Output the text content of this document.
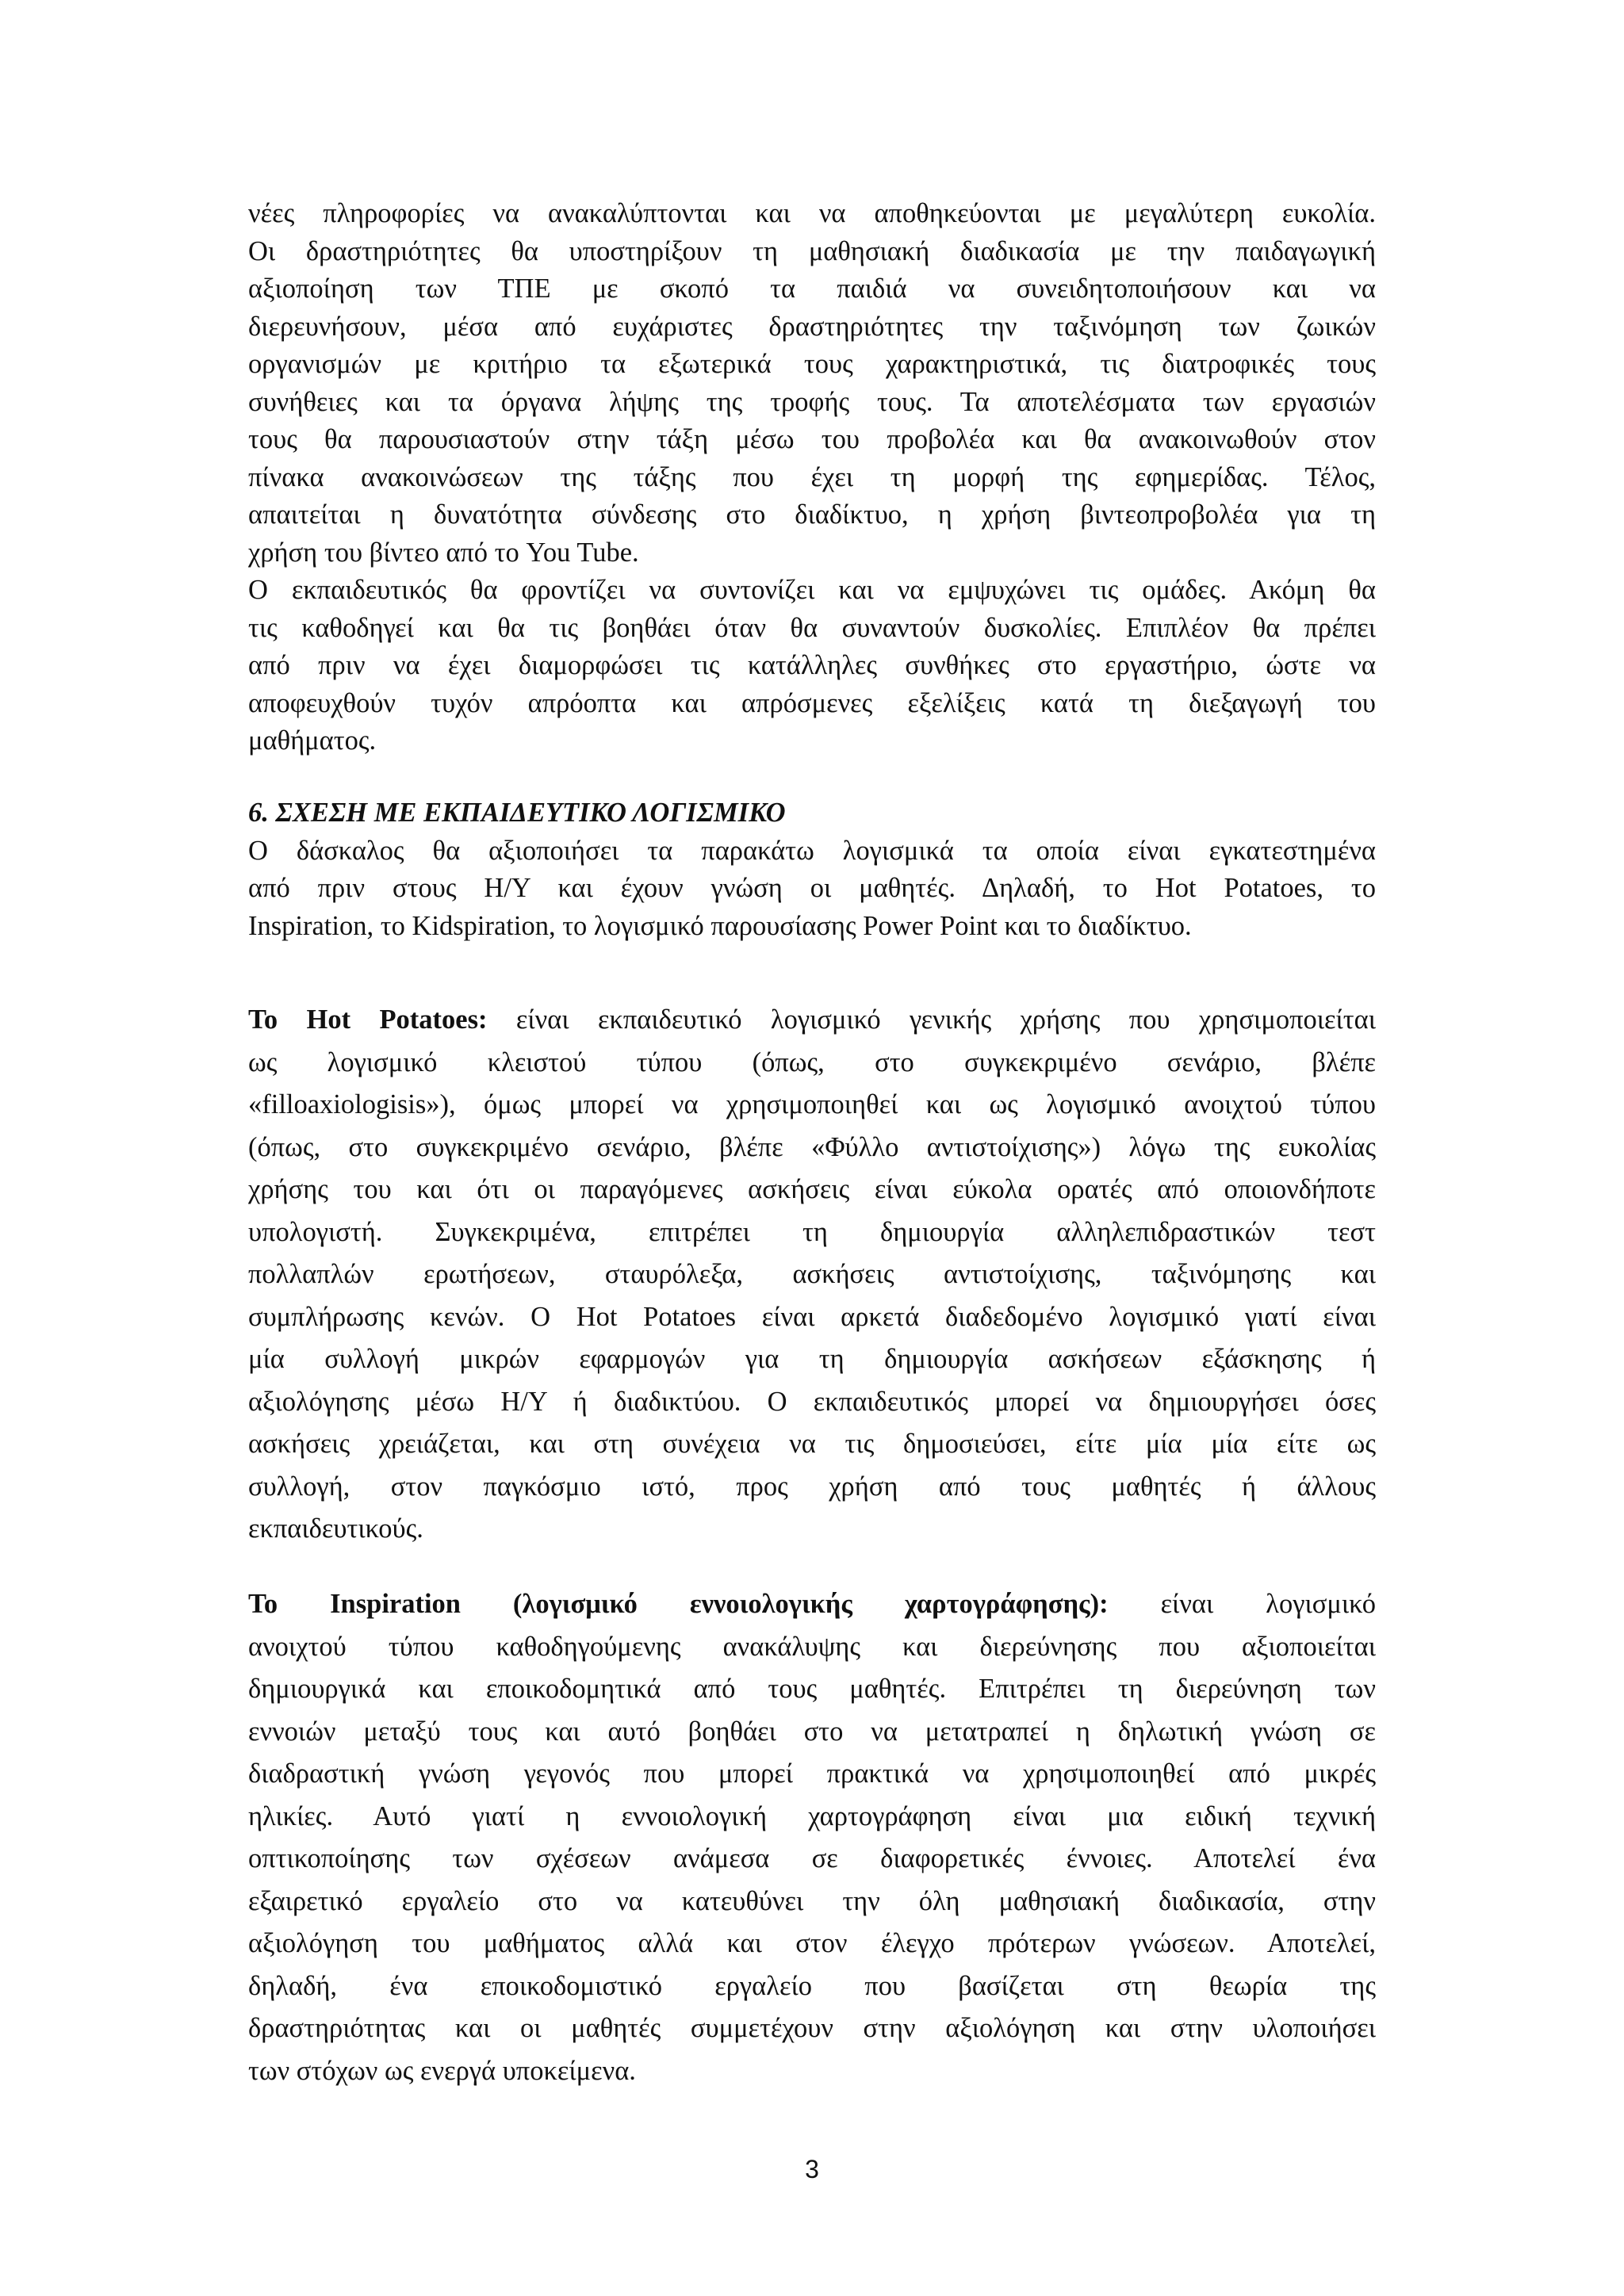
νέες πληροφορίες να ανακαλύπτονται και να αποθηκεύονται με μεγαλύτερη ευκολία.
Οι δραστηριότητες θα υποστηρίξουν τη μαθησιακή διαδικασία με την παιδαγωγική
αξιοποίηση των ΤΠΕ με σκοπό τα παιδιά να συνειδητοποιήσουν και να
διερευνήσουν, μέσα από ευχάριστες δραστηριότητες την ταξινόμηση των ζωικών
οργανισμών με κριτήριο τα εξωτερικά τους χαρακτηριστικά, τις διατροφικές τους
συνήθειες και τα όργανα λήψης της τροφής τους. Τα αποτελέσματα των εργασιών
τους θα παρουσιαστούν στην τάξη μέσω του προβολέα και θα ανακοινωθούν στον
πίνακα ανακοινώσεων της τάξης που έχει τη μορφή της εφημερίδας. Τέλος,
απαιτείται η δυνατότητα σύνδεσης στο διαδίκτυο, η χρήση βιντεοπροβολέα για τη
χρήση του βίντεο από το You Tube.
Ο εκπαιδευτικός θα φροντίζει να συντονίζει και να εμψυχώνει τις ομάδες. Ακόμη θα
τις καθοδηγεί και θα τις βοηθάει όταν θα συναντούν δυσκολίες. Επιπλέον θα πρέπει
από πριν να έχει διαμορφώσει τις κατάλληλες συνθήκες στο εργαστήριο, ώστε να
αποφευχθούν τυχόν απρόοπτα και απρόσμενες εξελίξεις κατά τη διεξαγωγή του
μαθήματος.
6. ΣΧΕΣΗ ΜΕ ΕΚΠΑΙΔΕΥΤΙΚΟ ΛΟΓΙΣΜΙΚΟ
Ο δάσκαλος θα αξιοποιήσει τα παρακάτω λογισμικά τα οποία είναι εγκατεστημένα
από πριν στους Η/Υ και έχουν γνώση οι μαθητές. Δηλαδή, το Hot Potatoes, το
Inspiration, το Kidspiration, το λογισμικό παρουσίασης Power Point και το διαδίκτυο.
Το Hot Potatoes: είναι εκπαιδευτικό λογισμικό γενικής χρήσης που χρησιμοποιείται
ως λογισμικό κλειστού τύπου (όπως, στο συγκεκριμένο σενάριο, βλέπε
«filloaxiologisis»), όμως μπορεί να χρησιμοποιηθεί και ως λογισμικό ανοιχτού τύπου
(όπως, στο συγκεκριμένο σενάριο, βλέπε «Φύλλο αντιστοίχισης») λόγω της ευκολίας
χρήσης του και ότι οι παραγόμενες ασκήσεις είναι εύκολα ορατές από οποιονδήποτε
υπολογιστή. Συγκεκριμένα, επιτρέπει τη δημιουργία αλληλεπιδραστικών τεστ
πολλαπλών ερωτήσεων, σταυρόλεξα, ασκήσεις αντιστοίχισης, ταξινόμησης και
συμπλήρωσης κενών. Ο Hot Potatoes είναι αρκετά διαδεδομένο λογισμικό γιατί είναι
μία συλλογή μικρών εφαρμογών για τη δημιουργία ασκήσεων εξάσκησης ή
αξιολόγησης μέσω Η/Υ ή διαδικτύου. Ο εκπαιδευτικός μπορεί να δημιουργήσει όσες
ασκήσεις χρειάζεται, και στη συνέχεια να τις δημοσιεύσει, είτε μία μία είτε ως
συλλογή, στον παγκόσμιο ιστό, προς χρήση από τους μαθητές ή άλλους
εκπαιδευτικούς.
Το Inspiration (λογισμικό εννοιολογικής χαρτογράφησης): είναι λογισμικό
ανοιχτού τύπου καθοδηγούμενης ανακάλυψης και διερεύνησης που αξιοποιείται
δημιουργικά και εποικοδομητικά από τους μαθητές. Επιτρέπει τη διερεύνηση των
εννοιών μεταξύ τους και αυτό βοηθάει στο να μετατραπεί η δηλωτική γνώση σε
διαδραστική γνώση γεγονός που μπορεί πρακτικά να χρησιμοποιηθεί από μικρές
ηλικίες. Αυτό γιατί η εννοιολογική χαρτογράφηση είναι μια ειδική τεχνική
οπτικοποίησης των σχέσεων ανάμεσα σε διαφορετικές έννοιες. Αποτελεί ένα
εξαιρετικό εργαλείο στο να κατευθύνει την όλη μαθησιακή διαδικασία, στην
αξιολόγηση του μαθήματος αλλά και στον έλεγχο πρότερων γνώσεων. Αποτελεί,
δηλαδή, ένα εποικοδομιστικό εργαλείο που βασίζεται στη θεωρία της
δραστηριότητας και οι μαθητές συμμετέχουν στην αξιολόγηση και στην υλοποιήσει
των στόχων ως ενεργά υποκείμενα.
3
